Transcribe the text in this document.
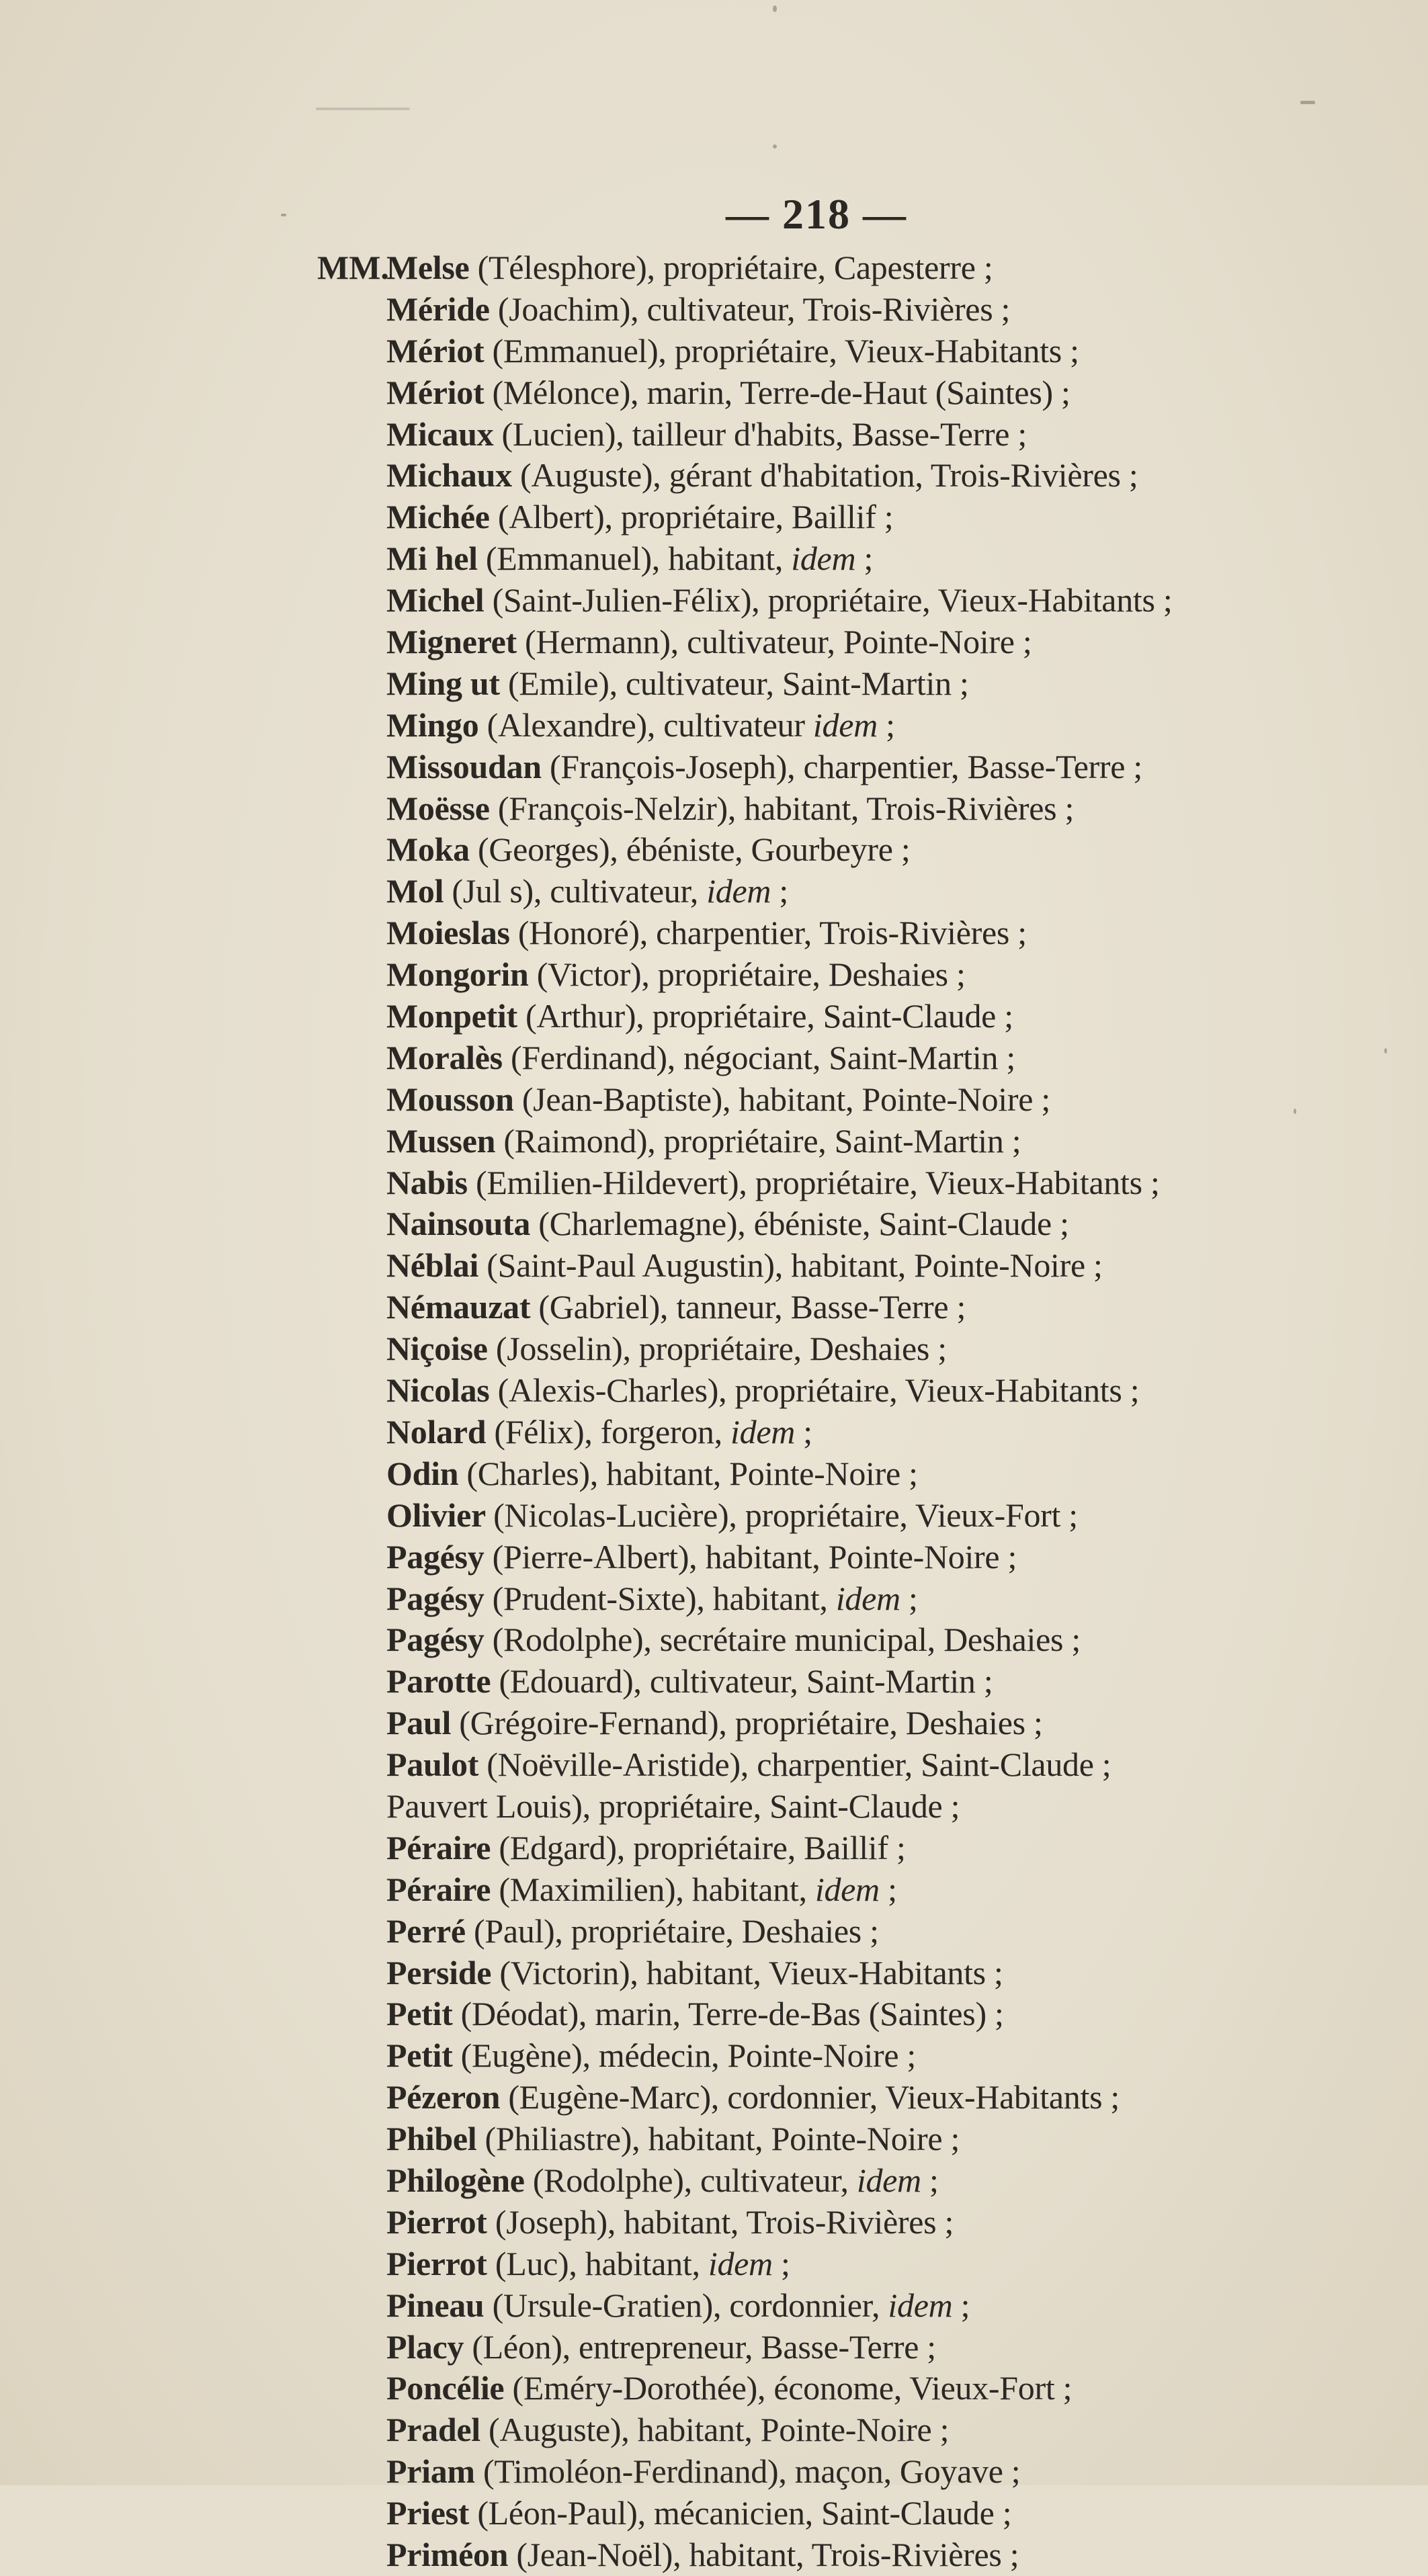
— 218 —
MM.
Melse (Télesphore), propriétaire, Capesterre ;
Méride (Joachim), cultivateur, Trois-Rivières ;
Mériot (Emmanuel), propriétaire, Vieux-Habitants ;
Mériot (Mélonce), marin, Terre-de-Haut (Saintes) ;
Micaux (Lucien), tailleur d'habits, Basse-Terre ;
Michaux (Auguste), gérant d'habitation, Trois-Rivières ;
Michée (Albert), propriétaire, Baillif ;
Mi hel (Emmanuel), habitant, idem ;
Michel (Saint-Julien-Félix), propriétaire, Vieux-Habitants ;
Migneret (Hermann), cultivateur, Pointe-Noire ;
Ming ut (Emile), cultivateur, Saint-Martin ;
Mingo (Alexandre), cultivateur idem ;
Missoudan (François-Joseph), charpentier, Basse-Terre ;
Moësse (François-Nelzir), habitant, Trois-Rivières ;
Moka (Georges), ébéniste, Gourbeyre ;
Mol (Jul s), cultivateur, idem ;
Moieslas (Honoré), charpentier, Trois-Rivières ;
Mongorin (Victor), propriétaire, Deshaies ;
Monpetit (Arthur), propriétaire, Saint-Claude ;
Moralès (Ferdinand), négociant, Saint-Martin ;
Mousson (Jean-Baptiste), habitant, Pointe-Noire ;
Mussen (Raimond), propriétaire, Saint-Martin ;
Nabis (Emilien-Hildevert), propriétaire, Vieux-Habitants ;
Nainsouta (Charlemagne), ébéniste, Saint-Claude ;
Néblai (Saint-Paul Augustin), habitant, Pointe-Noire ;
Némauzat (Gabriel), tanneur, Basse-Terre ;
Niçoise (Josselin), propriétaire, Deshaies ;
Nicolas (Alexis-Charles), propriétaire, Vieux-Habitants ;
Nolard (Félix), forgeron, idem ;
Odin (Charles), habitant, Pointe-Noire ;
Olivier (Nicolas-Lucière), propriétaire, Vieux-Fort ;
Pagésy (Pierre-Albert), habitant, Pointe-Noire ;
Pagésy (Prudent-Sixte), habitant, idem ;
Pagésy (Rodolphe), secrétaire municipal, Deshaies ;
Parotte (Edouard), cultivateur, Saint-Martin ;
Paul (Grégoire-Fernand), propriétaire, Deshaies ;
Paulot (Noëville-Aristide), charpentier, Saint-Claude ;
Pauvert Louis), propriétaire, Saint-Claude ;
Péraire (Edgard), propriétaire, Baillif ;
Péraire (Maximilien), habitant, idem ;
Perré (Paul), propriétaire, Deshaies ;
Perside (Victorin), habitant, Vieux-Habitants ;
Petit (Déodat), marin, Terre-de-Bas (Saintes) ;
Petit (Eugène), médecin, Pointe-Noire ;
Pézeron (Eugène-Marc), cordonnier, Vieux-Habitants ;
Phibel (Philiastre), habitant, Pointe-Noire ;
Philogène (Rodolphe), cultivateur, idem ;
Pierrot (Joseph), habitant, Trois-Rivières ;
Pierrot (Luc), habitant, idem ;
Pineau (Ursule-Gratien), cordonnier, idem ;
Placy (Léon), entrepreneur, Basse-Terre ;
Poncélie (Eméry-Dorothée), économe, Vieux-Fort ;
Pradel (Auguste), habitant, Pointe-Noire ;
Priam (Timoléon-Ferdinand), maçon, Goyave ;
Priest (Léon-Paul), mécanicien, Saint-Claude ;
Priméon (Jean-Noël), habitant, Trois-Rivières ;
